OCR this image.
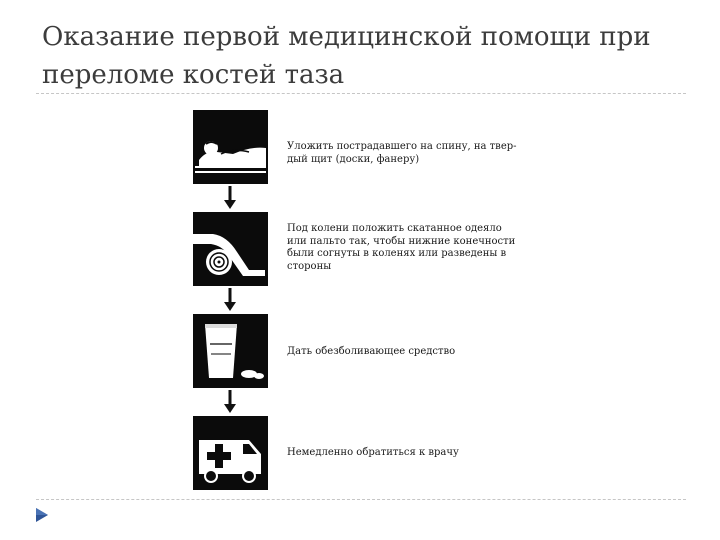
Оказание первой медицинской помощи при
переломе костей таза
Уложить пострадавшего на спину, на твер-
дый щит (доски, фанеру)
Под колени положить скатанное одеяло
или пальто так, чтобы нижние конечности
были согнуты в коленях или разведены в
стороны
Дать обезболивающее средство
Немедленно обратиться к врачу
